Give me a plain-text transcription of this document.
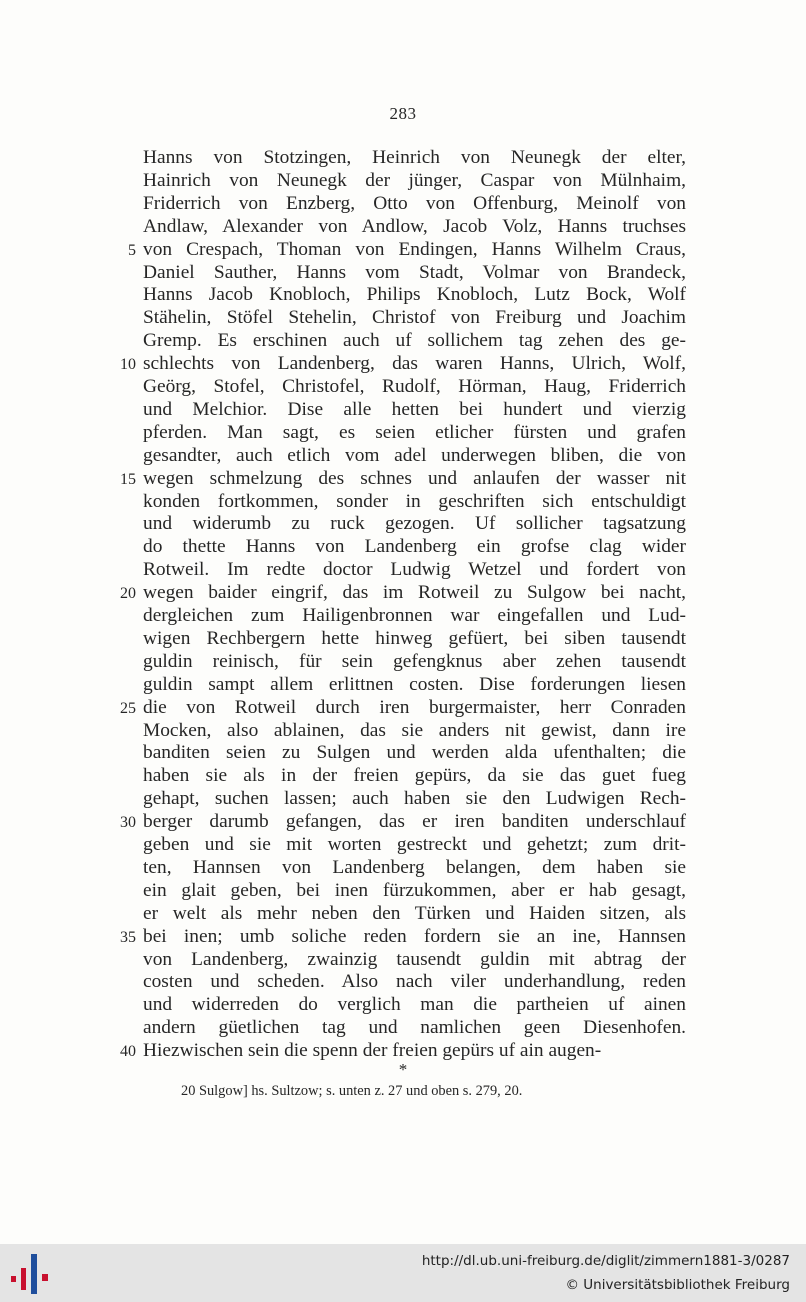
283
Hanns von Stotzingen, Heinrich von Neunegk der elter,
Hainrich von Neunegk der jünger, Caspar von Mülnhaim,
Friderrich von Enzberg, Otto von Offenburg, Meinolf von
Andlaw, Alexander von Andlow, Jacob Volz, Hanns truchses
5 von Crespach, Thoman von Endingen, Hanns Wilhelm Craus,
Daniel Sauther, Hanns vom Stadt, Volmar von Brandeck,
Hanns Jacob Knobloch, Philips Knobloch, Lutz Bock, Wolf
Stähelin, Stöfel Stehelin, Christof von Freiburg und Joachim
Gremp. Es erschinen auch uf sollichem tag zehen des ge-
10 schlechts von Landenberg, das waren Hanns, Ulrich, Wolf,
Geörg, Stofel, Christofel, Rudolf, Hörman, Haug, Friderrich
und Melchior. Dise alle hetten bei hundert und vierzig
pferden. Man sagt, es seien etlicher fürsten und grafen
gesandter, auch etlich vom adel underwegen bliben, die von
15 wegen schmelzung des schnes und anlaufen der wasser nit
konden fortkommen, sonder in geschriften sich entschuldigt
und widerumb zu ruck gezogen. Uf sollicher tagsatzung
do thette Hanns von Landenberg ein grofse clag wider
Rotweil. Im redte doctor Ludwig Wetzel und fordert von
20 wegen baider eingrif, das im Rotweil zu Sulgow bei nacht,
dergleichen zum Hailigenbronnen war eingefallen und Lud-
wigen Rechbergern hette hinweg gefüert, bei siben tausendt
guldin reinisch, für sein gefengknus aber zehen tausendt
guldin sampt allem erlittnen costen. Dise forderungen liesen
25 die von Rotweil durch iren burgermaister, herr Conraden
Mocken, also ablainen, das sie anders nit gewist, dann ire
banditen seien zu Sulgen und werden alda ufenthalten; die
haben sie als in der freien gepürs, da sie das guet fueg
gehapt, suchen lassen; auch haben sie den Ludwigen Rech-
30 berger darumb gefangen, das er iren banditen underschlauf
geben und sie mit worten gestreckt und gehetzt; zum drit-
ten, Hannsen von Landenberg belangen, dem haben sie
ein glait geben, bei inen fürzukommen, aber er hab gesagt,
er welt als mehr neben den Türken und Haiden sitzen, als
35 bei inen; umb soliche reden fordern sie an ine, Hannsen
von Landenberg, zwainzig tausendt guldin mit abtrag der
costen und scheden. Also nach viler underhandlung, reden
und widerreden do verglich man die partheien uf ainen
andern güetlichen tag und namlichen geen Diesenhofen.
40 Hiezwischen sein die spenn der freien gepürs uf ain augen-
*
20 Sulgow] hs. Sultzow; s. unten z. 27 und oben s. 279, 20.
http://dl.ub.uni-freiburg.de/diglit/zimmern1881-3/0287
© Universitätsbibliothek Freiburg
